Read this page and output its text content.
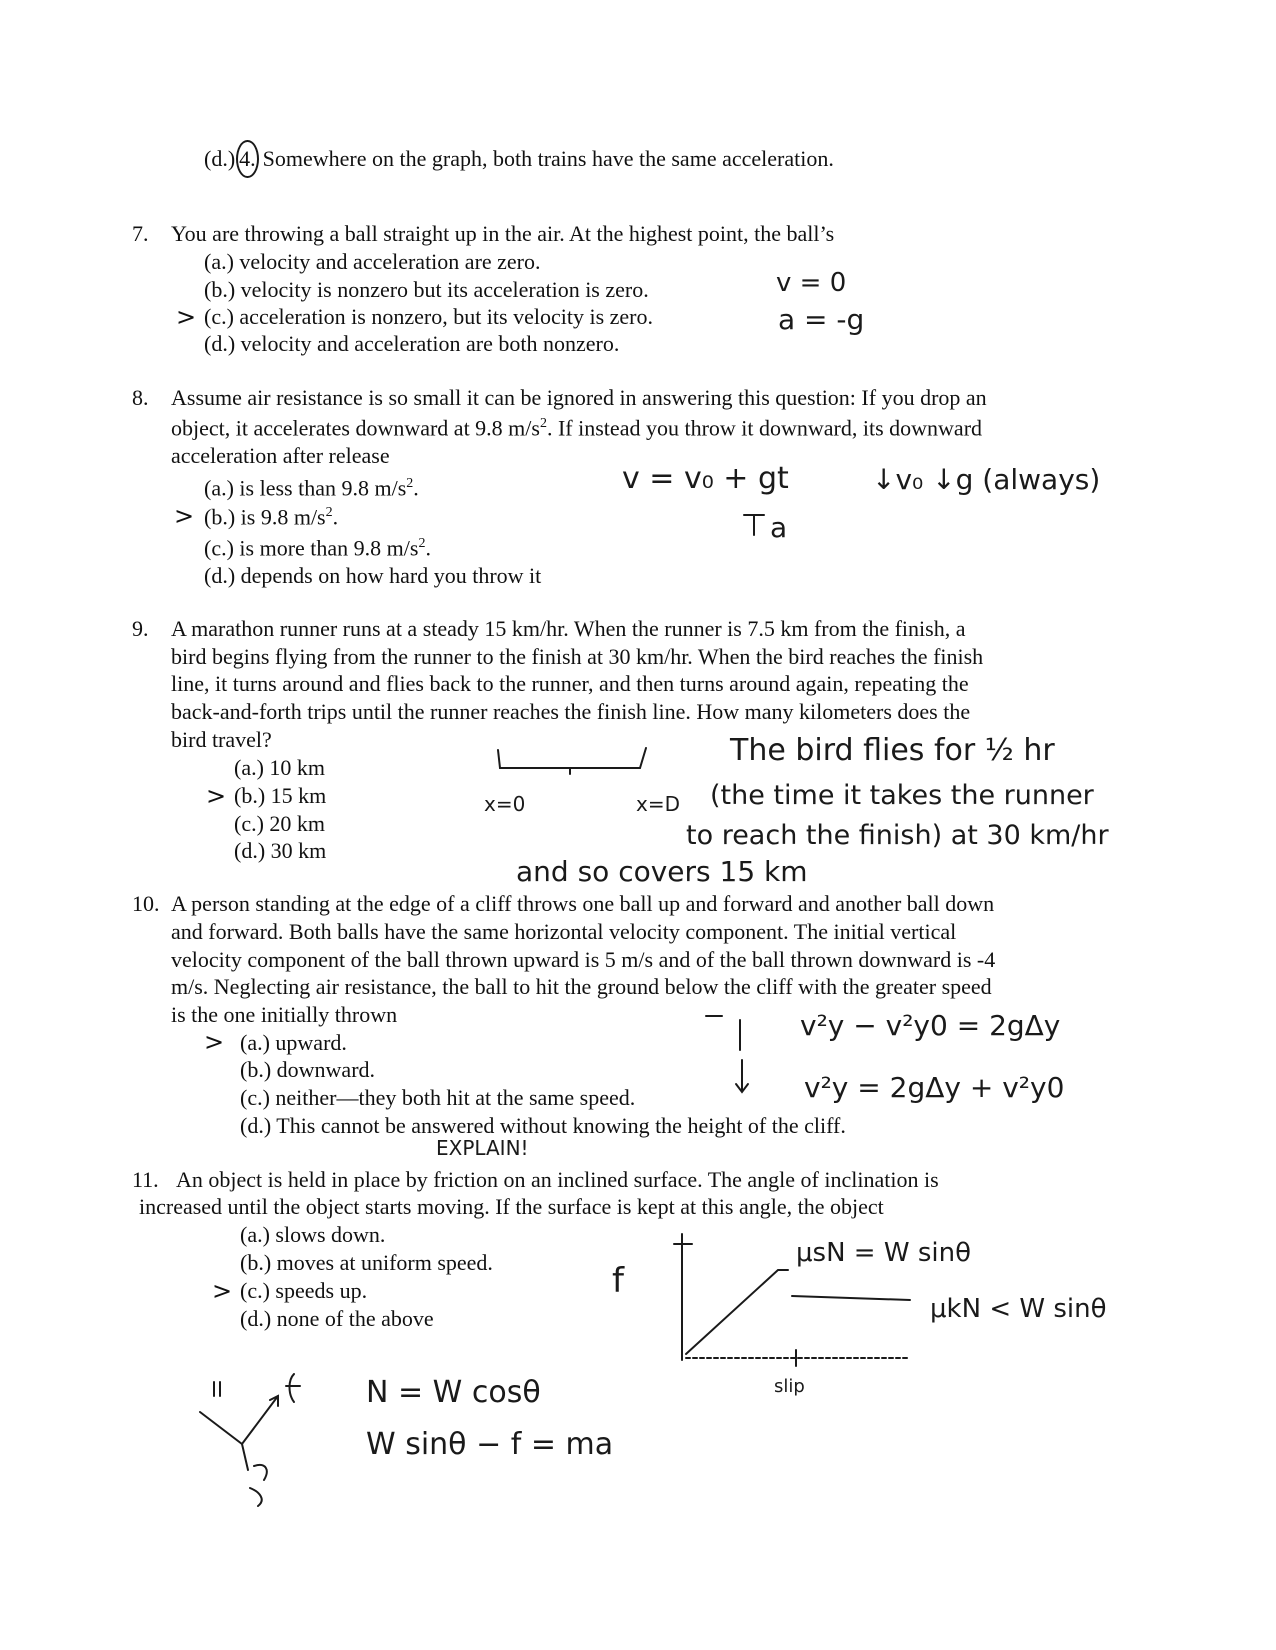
(d.) 4. Somewhere on the graph, both trains have the same acceleration.
7. You are throwing a ball straight up in the air. At the highest point, the ball’s
(a.) velocity and acceleration are zero.
(b.) velocity is nonzero but its acceleration is zero.
> (c.) acceleration is nonzero, but its velocity is zero.
(d.) velocity and acceleration are both nonzero.
v = 0
a = -g
8. Assume air resistance is so small it can be ignored in answering this question: If you drop an
object, it accelerates downward at 9.8 $m/s^2$. If instead you throw it downward, its downward
acceleration after release
(a.) is less than 9.8 $m/s^2$.
> (b.) is 9.8 $m/s^2$.
(c.) is more than 9.8 $m/s^2$.
(d.) depends on how hard you throw it
v = v₀ + gt	↓v₀ ↓g (always)
a
9. A marathon runner runs at a steady 15 km/hr. When the runner is 7.5 km from the finish, a
bird begins flying from the runner to the finish at 30 km/hr. When the bird reaches the finish
line, it turns around and flies back to the runner, and then turns around again, repeating the
back-and-forth trips until the runner reaches the finish line. How many kilometers does the
bird travel?
(a.) 10 km
> (b.) 15 km
(c.) 20 km
(d.) 30 km
x=0	x=D
The bird flies for ½ hr
(the time it takes the runner
to reach the finish) at 30 km/hr
and so covers 15 km
10. A person standing at the edge of a cliff throws one ball up and forward and another ball down
and forward. Both balls have the same horizontal velocity component. The initial vertical
velocity component of the ball thrown upward is 5 m/s and of the ball thrown downward is -4
m/s. Neglecting air resistance, the ball to hit the ground below the cliff with the greater speed
is the one initially thrown
> (a.) upward.
(b.) downward.
(c.) neither—they both hit at the same speed.
(d.) This cannot be answered without knowing the height of the cliff.
v²y − v²y0 = 2gΔy
v²y = 2gΔy + v²y0
EXPLAIN!
11. An object is held in place by friction on an inclined surface. The angle of inclination is
increased until the object starts moving. If the surface is kept at this angle, the object
(a.) slows down.
(b.) moves at uniform speed.
> (c.) speeds up.
(d.) none of the above
f
μsN = W sinθ
μkN < W sinθ
slip
N = W cosθ
W sinθ − f = ma
